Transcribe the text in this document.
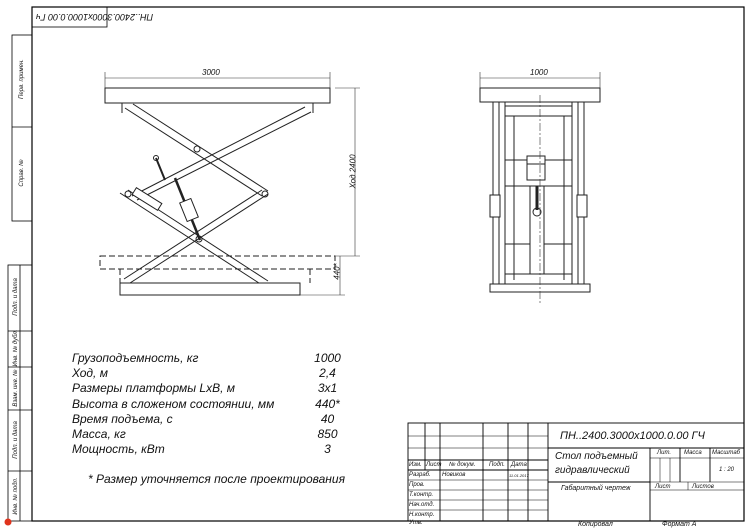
ПН..2400.3000х1000.0.00 Гч
Перв. примен.
Справ. №
Подп. и дата
Инв. № дубл.
Взам. инв. №
Подп. и дата
Инв. № подл.
3000
Ход 2400
440*
1000
Грузоподъемность, кг	1000
Ход, м	2,4
Размеры платформы LxB, м	3х1
Высота в сложеном состоянии, мм	440*
Время подъема, с	40
Масса, кг	850
Мощность, кВт	3
* Размер уточняется после проектирования
ПН..2400.3000х1000.0.00 ГЧ
Стол подъемный
гидравлический
Габаритный чертеж
Изм. Лист № докум. Подп. Дата
Разраб. Новиков	11.01.2017
Пров.
Т.контр.
Нач.отд.
Н.контр.
Утв.
Лит. Масса Масштаб
1 : 20
Лист	Листов
Копировал	Формат А
